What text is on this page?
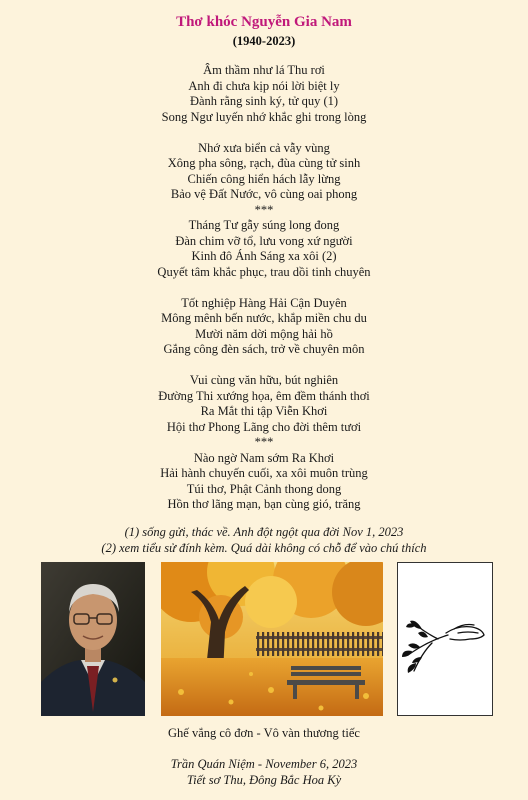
Thơ khóc Nguyễn Gia Nam
(1940-2023)
Âm thầm như lá Thu rơi
Anh đi chưa kịp nói lời biệt ly
Đành rằng sinh ký, tử quy (1)
Song Ngư luyến nhớ khắc ghi trong lòng
Nhớ xưa biển cả vẫy vùng
Xông pha sông, rạch, đùa cùng tử sinh
Chiến công hiển hách lẫy lừng
Bảo vệ Đất Nước, vô cùng oai phong
***
Tháng Tư gẫy súng long đong
Đàn chim vỡ tổ, lưu vong xứ người
Kinh đô Ánh Sáng xa xôi (2)
Quyết tâm khắc phục, trau dồi tinh chuyên
Tốt nghiệp Hàng Hải Cận Duyên
Mông mênh bến nước, khắp miền chu du
Mười năm dời mộng hải hồ
Gắng công đèn sách, trở về chuyên môn
Vui cùng văn hữu, bút nghiên
Đường Thi xướng họa, êm đềm thánh thơi
Ra Mắt thi tập Viễn Khơi
Hội thơ Phong Lãng cho đời thêm tươi
***
Nào ngờ Nam sớm Ra Khơi
Hải hành chuyến cuối, xa xôi muôn trùng
Túi thơ, Phật Cảnh thong dong
Hồn thơ lãng mạn, bạn cùng gió, trăng
(1) sống gửi, thác về. Anh đột ngột qua đời Nov 1, 2023
(2) xem tiểu sử đính kèm. Quá dài không có chỗ để vào chú thích
Ghế vắng cô đơn - Vô vàn thương tiếc
Trần Quán Niệm - November 6, 2023
Tiết sơ Thu, Đông Bắc Hoa Kỳ
